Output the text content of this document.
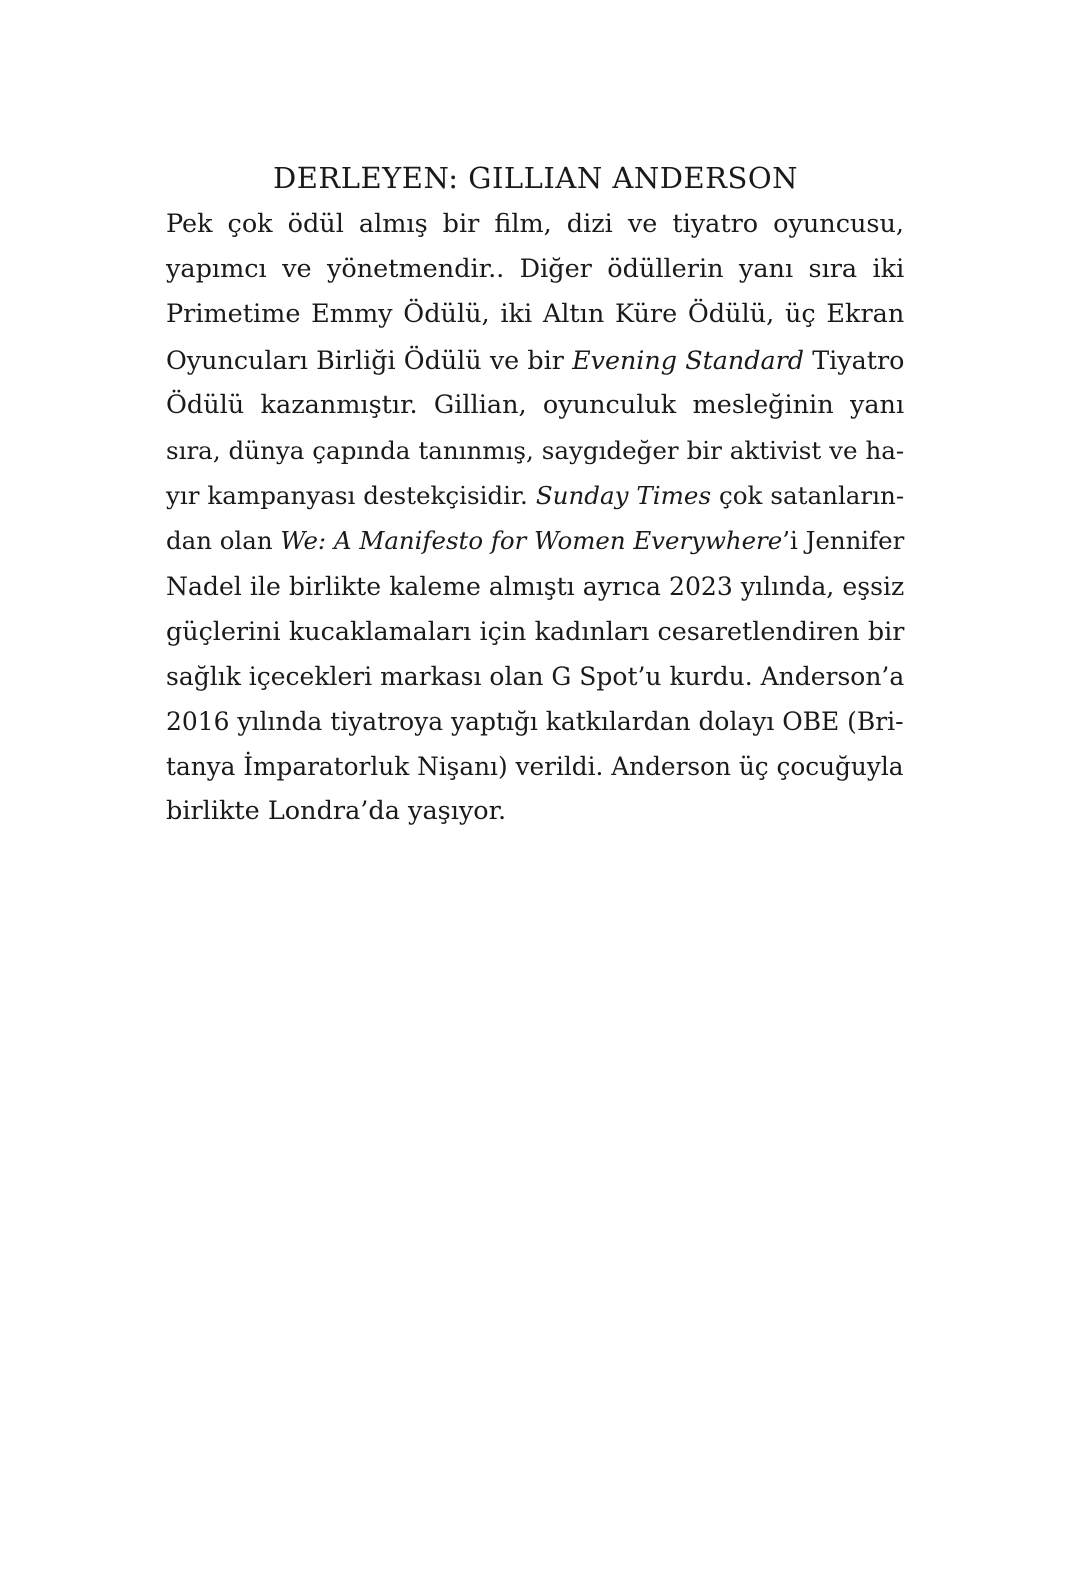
DERLEYEN: GILLIAN ANDERSON
Pek çok ödül almış bir film, dizi ve tiyatro oyuncusu,
yapımcı ve yönetmendir.. Diğer ödüllerin yanı sıra iki
Primetime Emmy Ödülü, iki Altın Küre Ödülü, üç Ekran
Oyuncuları Birliği Ödülü ve bir Evening Standard Tiyatro
Ödülü kazanmıştır. Gillian, oyunculuk mesleğinin yanı
sıra, dünya çapında tanınmış, saygıdeğer bir aktivist ve ha-
yır kampanyası destekçisidir. Sunday Times çok satanların-
dan olan We: A Manifesto for Women Everywhere’i Jennifer
Nadel ile birlikte kaleme almıştı ayrıca 2023 yılında, eşsiz
güçlerini kucaklamaları için kadınları cesaretlendiren bir
sağlık içecekleri markası olan G Spot’u kurdu. Anderson’a
2016 yılında tiyatroya yaptığı katkılardan dolayı OBE (Bri-
tanya İmparatorluk Nişanı) verildi. Anderson üç çocuğuyla
birlikte Londra’da yaşıyor.
